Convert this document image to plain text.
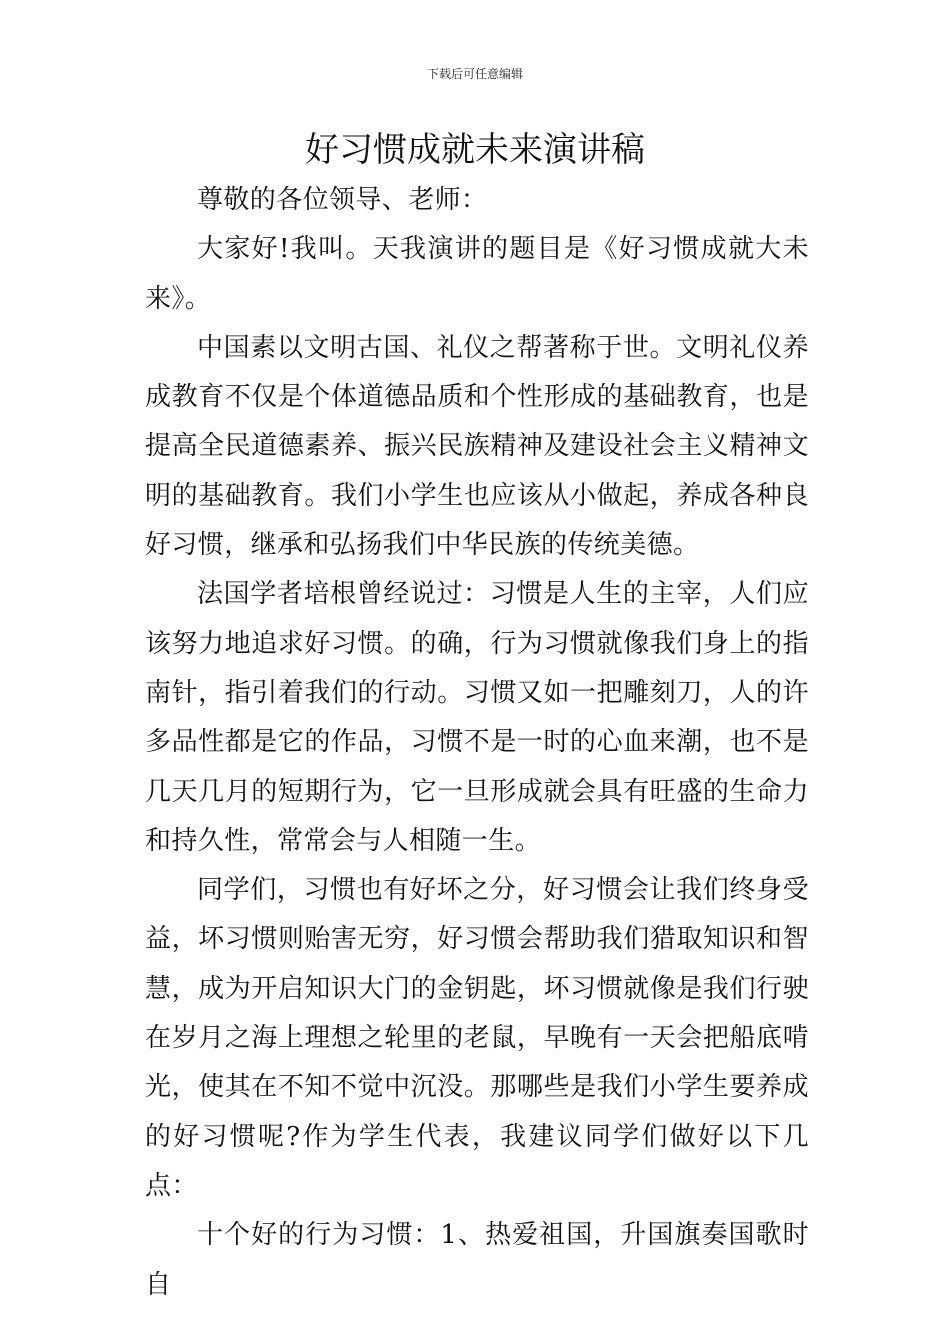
下载后可任意编辑
好习惯成就未来演讲稿

尊敬的各位领导、老师：

大家好!我叫。天我演讲的题目是《好习惯成就大未来》。

中国素以文明古国、礼仪之帮著称于世。文明礼仪养成教育不仅是个体道德品质和个性形成的基础教育，也是提高全民道德素养、振兴民族精神及建设社会主义精神文明的基础教育。我们小学生也应该从小做起，养成各种良好习惯，继承和弘扬我们中华民族的传统美德。

法国学者培根曾经说过：习惯是人生的主宰，人们应该努力地追求好习惯。的确，行为习惯就像我们身上的指南针，指引着我们的行动。习惯又如一把雕刻刀，人的许多品性都是它的作品，习惯不是一时的心血来潮，也不是几天几月的短期行为，它一旦形成就会具有旺盛的生命力和持久性，常常会与人相随一生。

同学们，习惯也有好坏之分，好习惯会让我们终身受益，坏习惯则贻害无穷，好习惯会帮助我们猎取知识和智慧，成为开启知识大门的金钥匙，坏习惯就像是我们行驶在岁月之海上理想之轮里的老鼠，早晚有一天会把船底啃光，使其在不知不觉中沉没。那哪些是我们小学生要养成的好习惯呢?作为学生代表，我建议同学们做好以下几点：

十个好的行为习惯：1、热爱祖国，升国旗奏国歌时自
